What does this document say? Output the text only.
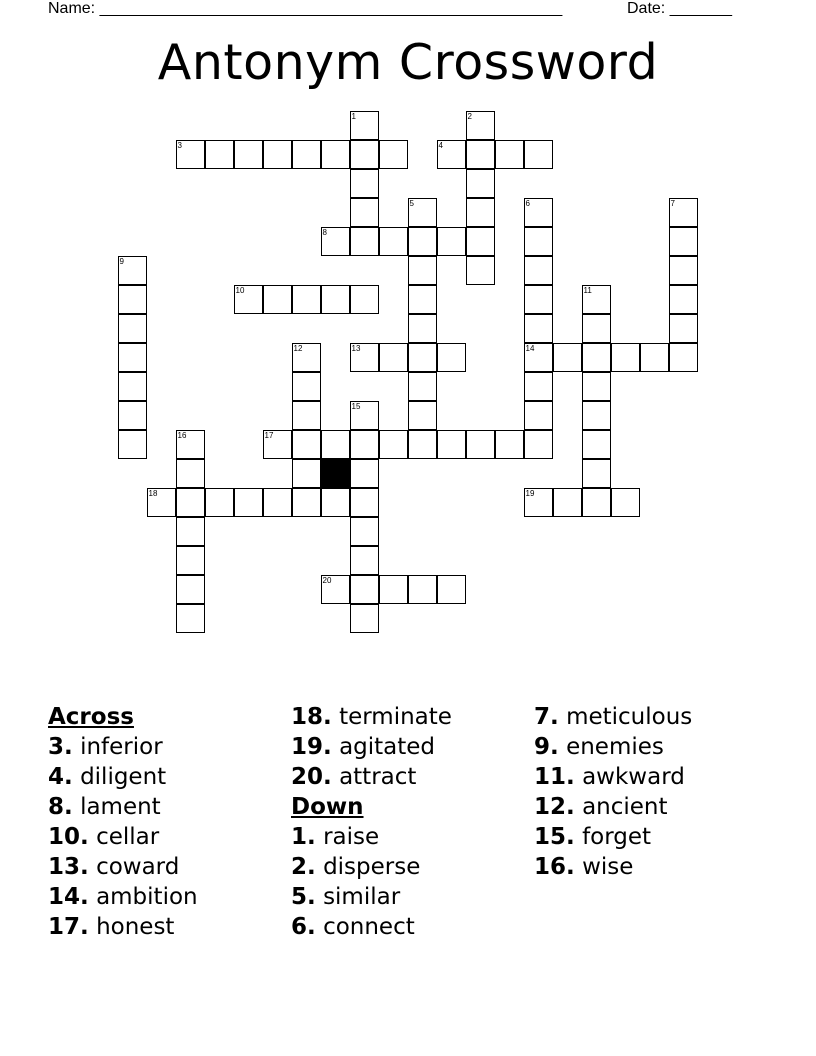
Name: ____________________________________________________	Date: _______
Antonym Crossword
3	4
8
10
13	14
17
18	19
20
1	2
5	6	7
9
11
12
15
16
Across
3. inferior
4. diligent
8. lament
10. cellar
13. coward
14. ambition
17. honest
18. terminate
19. agitated
20. attract
Down
1. raise
2. disperse
5. similar
6. connect
7. meticulous
9. enemies
11. awkward
12. ancient
15. forget
16. wise
